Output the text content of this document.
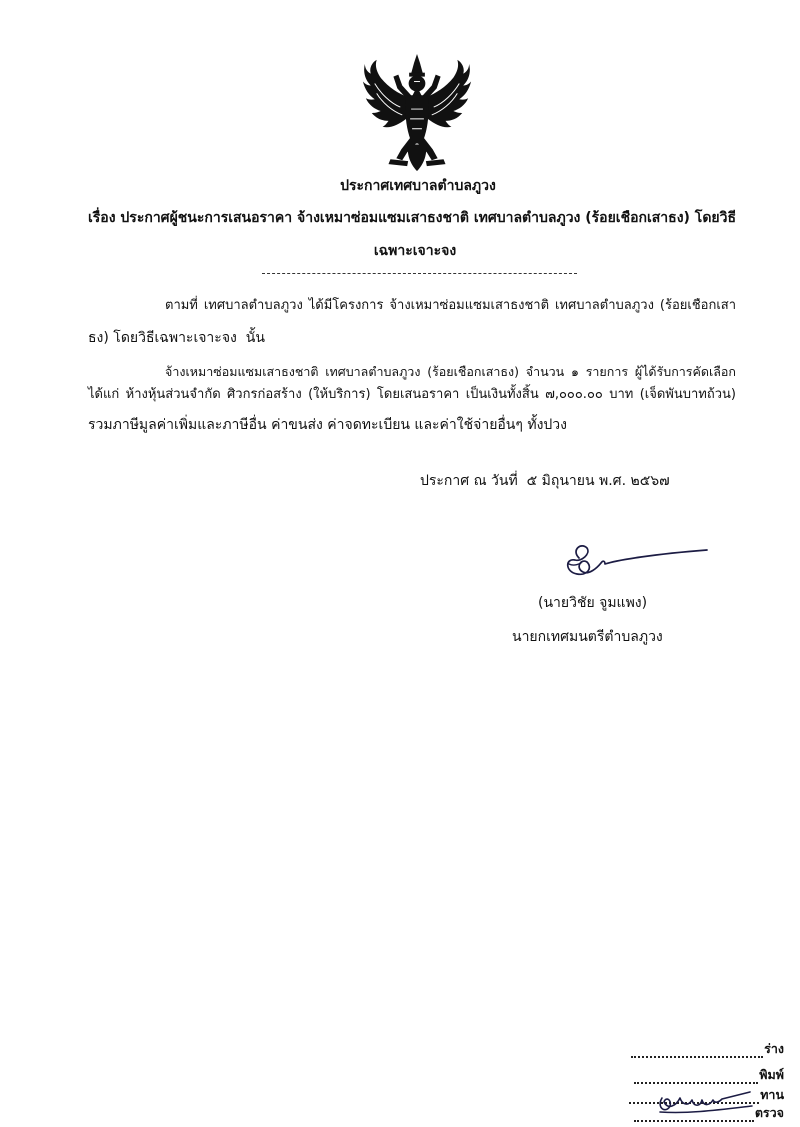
ประกาศเทศบาลตำบลภูวง
เรื่อง ประกาศผู้ชนะการเสนอราคา จ้างเหมาซ่อมแซมเสาธงชาติ เทศบาลตำบลภูวง (ร้อยเชือกเสาธง) โดยวิธี
เฉพาะเจาะจง
ตามที่ เทศบาลตำบลภูวง ได้มีโครงการ จ้างเหมาซ่อมแซมเสาธงชาติ เทศบาลตำบลภูวง (ร้อยเชือกเสา
ธง) โดยวิธีเฉพาะเจาะจง  นั้น
จ้างเหมาซ่อมแซมเสาธงชาติ เทศบาลตำบลภูวง (ร้อยเชือกเสาธง) จำนวน ๑ รายการ ผู้ได้รับการคัดเลือก
ได้แก่ ห้างหุ้นส่วนจำกัด ศิวกรก่อสร้าง (ให้บริการ) โดยเสนอราคา เป็นเงินทั้งสิ้น ๗,๐๐๐.๐๐ บาท (เจ็ดพันบาทถ้วน)
รวมภาษีมูลค่าเพิ่มและภาษีอื่น ค่าขนส่ง ค่าจดทะเบียน และค่าใช้จ่ายอื่นๆ ทั้งปวง
ประกาศ ณ วันที่  ๕ มิถุนายน พ.ศ. ๒๕๖๗
(นายวิชัย จูมแพง)
นายกเทศมนตรีตำบลภูวง
ร่าง
พิมพ์
ทาน
ตรวจ
